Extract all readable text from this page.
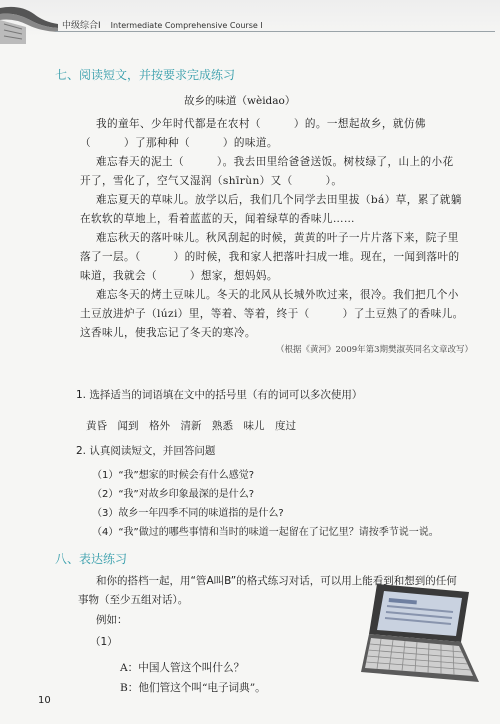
中级综合Ⅰ Intermediate Comprehensive Course Ⅰ
七、阅读短文，并按要求完成练习
故乡的味道（wèidao）
我的童年、少年时代都是在农村（　　　）的。一想起故乡，就仿佛
（　　　）了那种种（　　　）的味道。
难忘春天的泥土（　　　）。我去田里给爸爸送饭。树枝绿了，山上的小花
开了，雪化了，空气又湿润（shīrùn）又（　　　）。
难忘夏天的草味儿。放学以后，我们几个同学去田里拔（bá）草，累了就躺
在软软的草地上，看着蓝蓝的天，闻着绿草的香味儿……
难忘秋天的落叶味儿。秋风刮起的时候，黄黄的叶子一片片落下来，院子里
落了一层。（　　　）的时候，我和家人把落叶扫成一堆。现在，一闻到落叶的
味道，我就会（　　　）想家，想妈妈。
难忘冬天的烤土豆味儿。冬天的北风从长城外吹过来，很冷。我们把几个小
土豆放进炉子（lúzi）里，等着、等着，终于（　　　）了土豆熟了的香味儿。
这香味儿，使我忘记了冬天的寒冷。
（根据《黄河》2009年第3期樊淑英同名文章改写）
1. 选择适当的词语填在文中的括号里（有的词可以多次使用）
黄昏　闻到　格外　清新　熟悉　味儿　度过
2. 认真阅读短文，并回答问题
（1）“我”想家的时候会有什么感觉?
（2）“我”对故乡印象最深的是什么?
（3）故乡一年四季不同的味道指的是什么?
（4）“我”做过的哪些事情和当时的味道一起留在了记忆里？请按季节说一说。
八、表达练习
和你的搭档一起，用“管A叫B”的格式练习对话，可以用上能看到和想到的任何
事物（至少五组对话）。
例如：
（1）
A：中国人管这个叫什么？
B：他们管这个叫“电子词典”。
10
